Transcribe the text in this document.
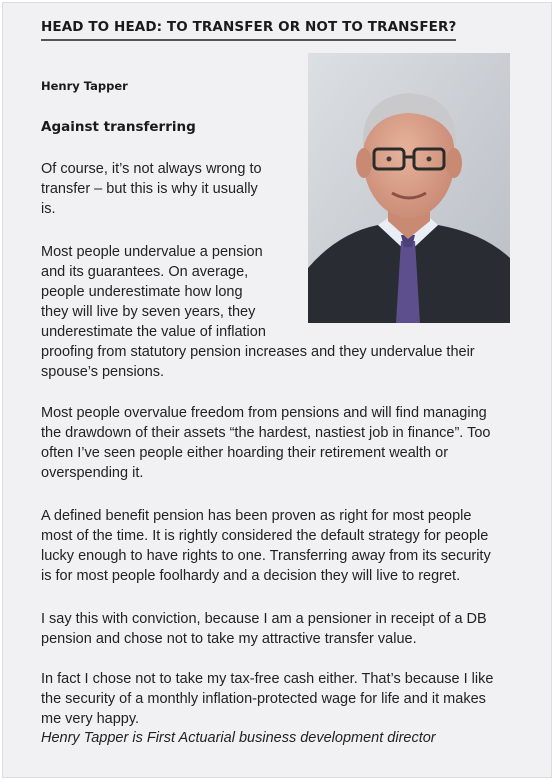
HEAD TO HEAD: TO TRANSFER OR NOT TO TRANSFER?
Henry Tapper
Against transferring
Of course, it’s not always wrong to
transfer – but this is why it usually
is.
Most people undervalue a pension
and its guarantees. On average,
people underestimate how long
they will live by seven years, they
underestimate the value of inflation
proofing from statutory pension increases and they undervalue their
spouse’s pensions.
Most people overvalue freedom from pensions and will find managing
the drawdown of their assets “the hardest, nastiest job in finance”. Too
often I’ve seen people either hoarding their retirement wealth or
overspending it.
A defined benefit pension has been proven as right for most people
most of the time. It is rightly considered the default strategy for people
lucky enough to have rights to one. Transferring away from its security
is for most people foolhardy and a decision they will live to regret.
I say this with conviction, because I am a pensioner in receipt of a DB
pension and chose not to take my attractive transfer value.
In fact I chose not to take my tax-free cash either. That’s because I like
the security of a monthly inflation-protected wage for life and it makes
me very happy.
Henry Tapper is First Actuarial business development director
